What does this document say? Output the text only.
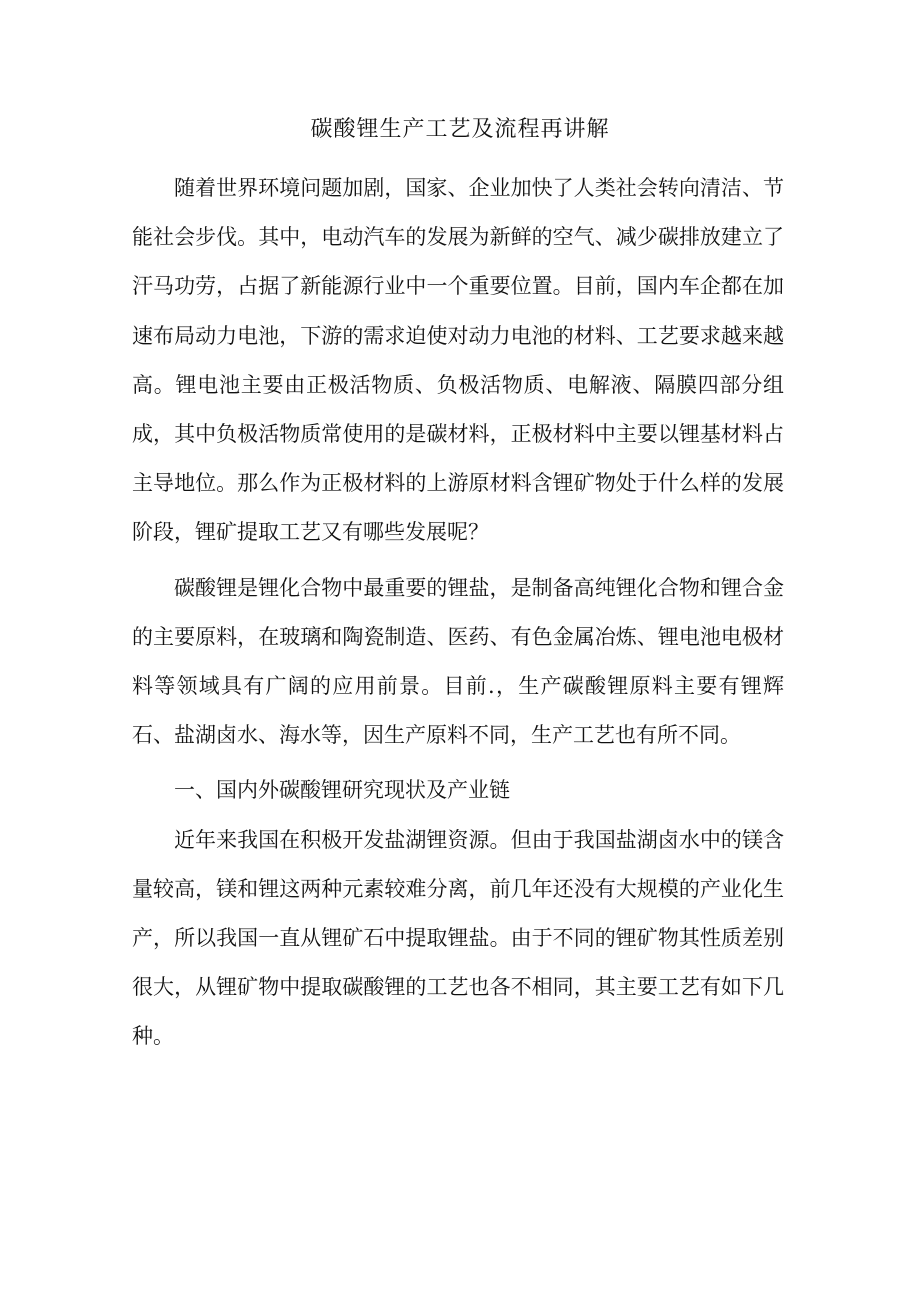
碳酸锂生产工艺及流程再讲解

随着世界环境问题加剧，国家、企业加快了人类社会转向清洁、节能社会步伐。其中，电动汽车的发展为新鲜的空气、减少碳排放建立了汗马功劳，占据了新能源行业中一个重要位置。目前，国内车企都在加速布局动力电池，下游的需求迫使对动力电池的材料、工艺要求越来越高。锂电池主要由正极活物质、负极活物质、电解液、隔膜四部分组成，其中负极活物质常使用的是碳材料，正极材料中主要以锂基材料占主导地位。那么作为正极材料的上游原材料含锂矿物处于什么样的发展阶段，锂矿提取工艺又有哪些发展呢？

碳酸锂是锂化合物中最重要的锂盐，是制备高纯锂化合物和锂合金的主要原料，在玻璃和陶瓷制造、医药、有色金属冶炼、锂电池电极材料等领域具有广阔的应用前景。目前.，生产碳酸锂原料主要有锂辉石、盐湖卤水、海水等，因生产原料不同，生产工艺也有所不同。

一、国内外碳酸锂研究现状及产业链

近年来我国在积极开发盐湖锂资源。但由于我国盐湖卤水中的镁含量较高，镁和锂这两种元素较难分离，前几年还没有大规模的产业化生产，所以我国一直从锂矿石中提取锂盐。由于不同的锂矿物其性质差别很大，从锂矿物中提取碳酸锂的工艺也各不相同，其主要工艺有如下几种。
